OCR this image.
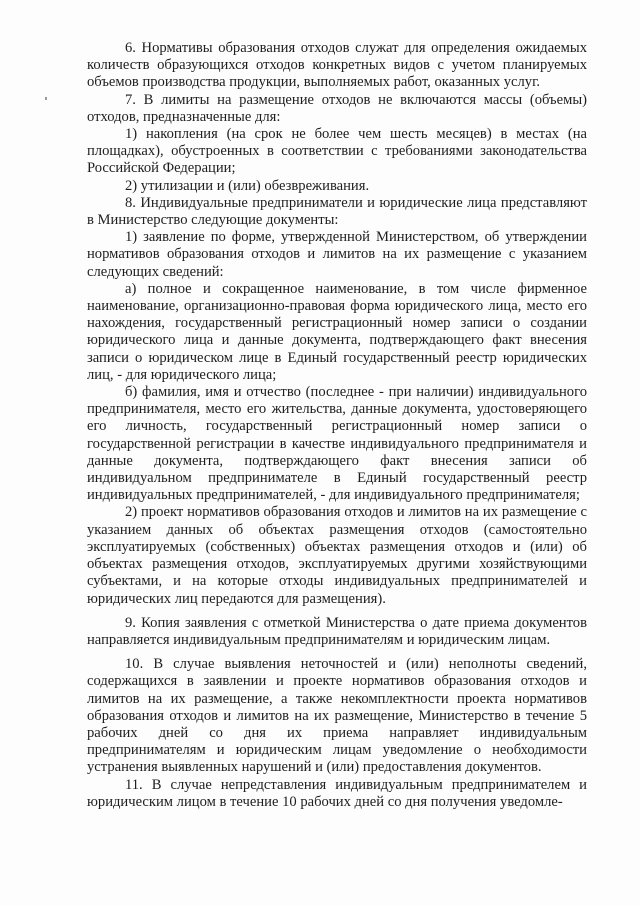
6. Нормативы образования отходов служат для определения ожидаемых количеств образующихся отходов конкретных видов с учетом планируемых объемов производства продукции, выполняемых работ, оказанных услуг.

7. В лимиты на размещение отходов не включаются массы (объемы) отходов, предназначенные для:

1) накопления (на срок не более чем шесть месяцев) в местах (на площадках), обустроенных в соответствии с требованиями законодательства Российской Федерации;

2) утилизации и (или) обезвреживания.

8. Индивидуальные предприниматели и юридические лица представляют в Министерство следующие документы:

1) заявление по форме, утвержденной Министерством, об утверждении нормативов образования отходов и лимитов на их размещение с указанием следующих сведений:

а) полное и сокращенное наименование, в том числе фирменное наименование, организационно-правовая форма юридического лица, место его нахождения, государственный регистрационный номер записи о создании юридического лица и данные документа, подтверждающего факт внесения записи о юридическом лице в Единый государственный реестр юридических лиц, - для юридического лица;

б) фамилия, имя и отчество (последнее - при наличии) индивидуального предпринимателя, место его жительства, данные документа, удостоверяющего его личность, государственный регистрационный номер записи о государственной регистрации в качестве индивидуального предпринимателя и данные документа, подтверждающего факт внесения записи об индивидуальном предпринимателе в Единый государственный реестр индивидуальных предпринимателей, - для индивидуального предпринимателя;

2) проект нормативов образования отходов и лимитов на их размещение с указанием данных об объектах размещения отходов (самостоятельно эксплуатируемых (собственных) объектах размещения отходов и (или) об объектах размещения отходов, эксплуатируемых другими хозяйствующими субъектами, и на которые отходы индивидуальных предпринимателей и юридических лиц передаются для размещения).

9. Копия заявления с отметкой Министерства о дате приема документов направляется индивидуальным предпринимателям и юридическим лицам.

10. В случае выявления неточностей и (или) неполноты сведений, содержащихся в заявлении и проекте нормативов образования отходов и лимитов на их размещение, а также некомплектности проекта нормативов образования отходов и лимитов на их размещение, Министерство в течение 5 рабочих дней со дня их приема направляет индивидуальным предпринимателям и юридическим лицам уведомление о необходимости устранения выявленных нарушений и (или) предоставления документов.

11. В случае непредставления индивидуальным предпринимателем и юридическим лицом в течение 10 рабочих дней со дня получения уведомле-
